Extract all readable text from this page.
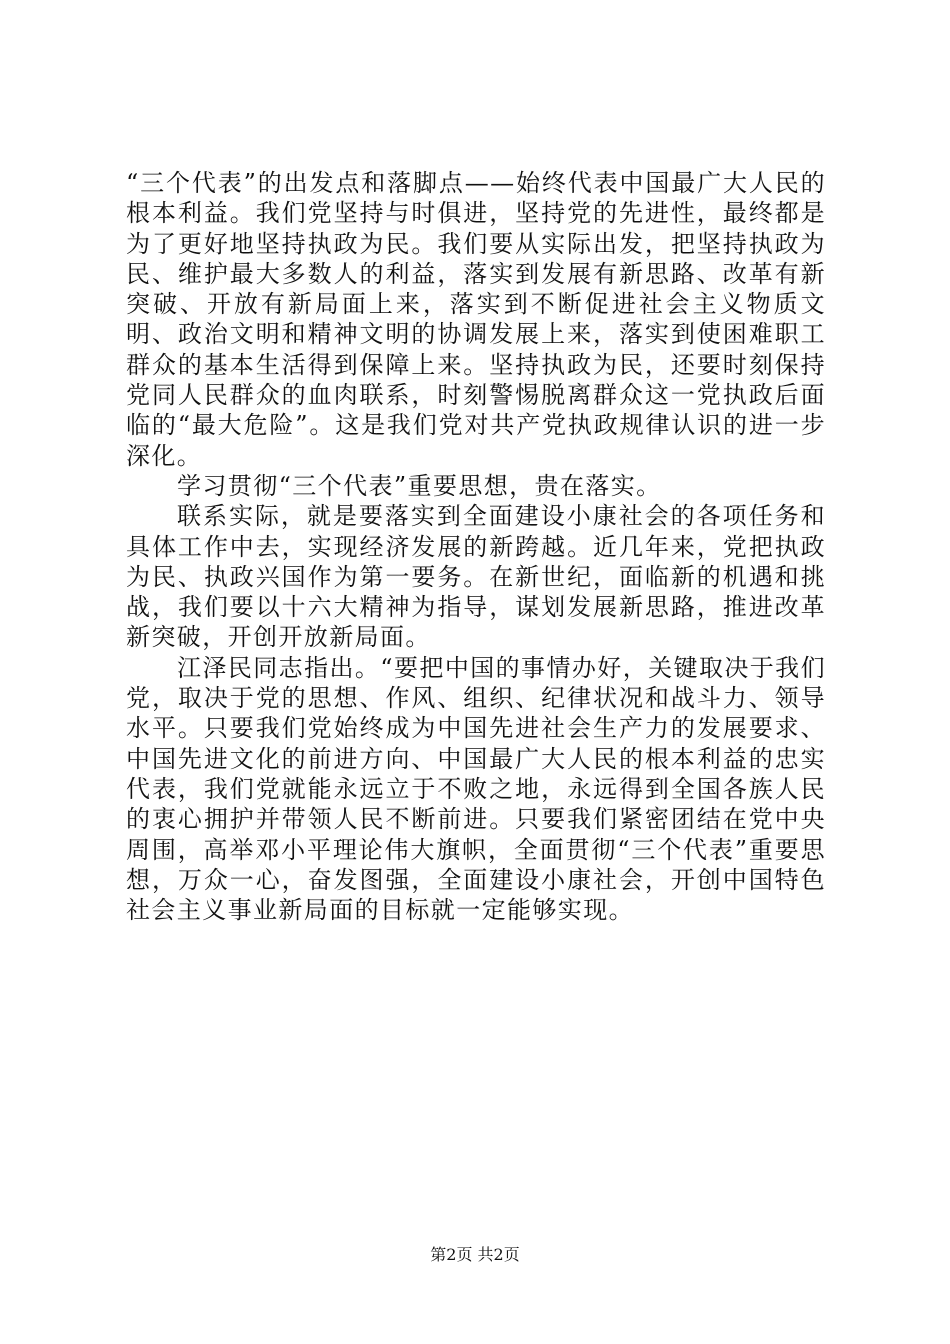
“三个代表”的出发点和落脚点——始终代表中国最广大人民的根本利益。我们党坚持与时俱进，坚持党的先进性，最终都是为了更好地坚持执政为民。我们要从实际出发，把坚持执政为民、维护最大多数人的利益，落实到发展有新思路、改革有新突破、开放有新局面上来，落实到不断促进社会主义物质文明、政治文明和精神文明的协调发展上来，落实到使困难职工群众的基本生活得到保障上来。坚持执政为民，还要时刻保持党同人民群众的血肉联系，时刻警惕脱离群众这一党执政后面临的“最大危险”。这是我们党对共产党执政规律认识的进一步深化。

学习贯彻“三个代表”重要思想，贵在落实。

联系实际，就是要落实到全面建设小康社会的各项任务和具体工作中去，实现经济发展的新跨越。近几年来，党把执政为民、执政兴国作为第一要务。在新世纪，面临新的机遇和挑战，我们要以十六大精神为指导，谋划发展新思路，推进改革新突破，开创开放新局面。

江泽民同志指出。“要把中国的事情办好，关键取决于我们党，取决于党的思想、作风、组织、纪律状况和战斗力、领导水平。只要我们党始终成为中国先进社会生产力的发展要求、中国先进文化的前进方向、中国最广大人民的根本利益的忠实代表，我们党就能永远立于不败之地，永远得到全国各族人民的衷心拥护并带领人民不断前进。只要我们紧密团结在党中央周围，高举邓小平理论伟大旗帜，全面贯彻“三个代表”重要思想，万众一心，奋发图强，全面建设小康社会，开创中国特色社会主义事业新局面的目标就一定能够实现。

第2页 共2页
